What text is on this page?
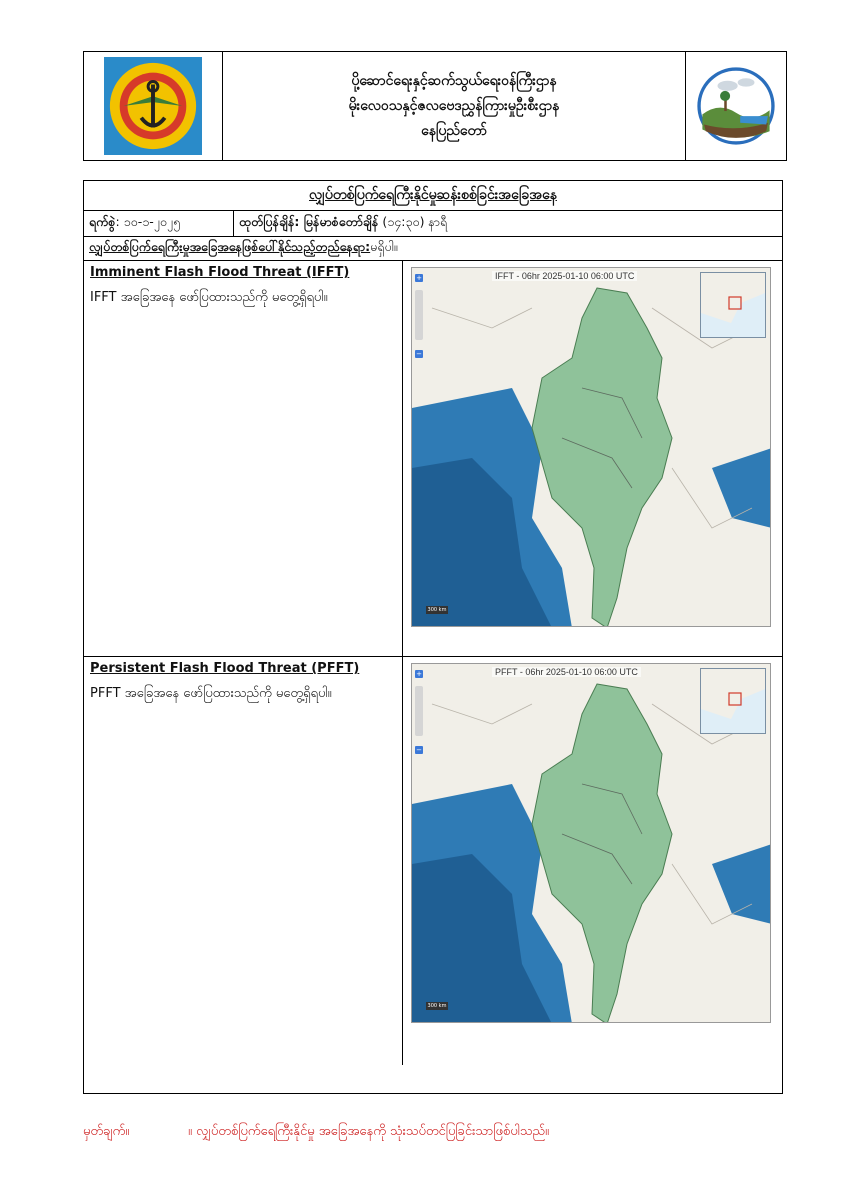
ပို့ဆောင်ရေးနှင့်ဆက်သွယ်ရေးဝန်ကြီးဌာန
မိုးလေဝသနှင့်ဇလဗေဒညွှန်ကြားမှုဦးစီးဌာန
နေပြည်တော်
လျှပ်တစ်ပြက်ရေကြီးနိုင်မှုဆန်းစစ်ခြင်းအခြေအနေ
ရက်စွဲ : ၁၀-၁-၂၀၂၅	ထုတ်ပြန်ချိန်: မြန်မာစံတော်ချိန် (၁၄:၃၀) နာရီ
လျှပ်တစ်ပြက်ရေကြီးမှုအခြေအနေဖြစ်ပေါ်နိုင်သည့်တည်နေရာ: မရှိပါ။
Imminent Flash Flood Threat (IFFT)
IFFT အခြေအနေ ဖော်ပြထားသည်ကို မတွေ့ရှိရပါ။
IFFT - 06hr 2025-01-10 06:00 UTC
+
−
300 km
Persistent Flash Flood Threat (PFFT)
PFFT အခြေအနေ ဖော်ပြထားသည်ကို မတွေ့ရှိရပါ။
PFFT - 06hr 2025-01-10 06:00 UTC
+
−
300 km
မှတ်ချက်။	။ လျှပ်တစ်ပြက်ရေကြီးနိုင်မှု အခြေအနေကို သုံးသပ်တင်ပြခြင်းသာဖြစ်ပါသည်။
